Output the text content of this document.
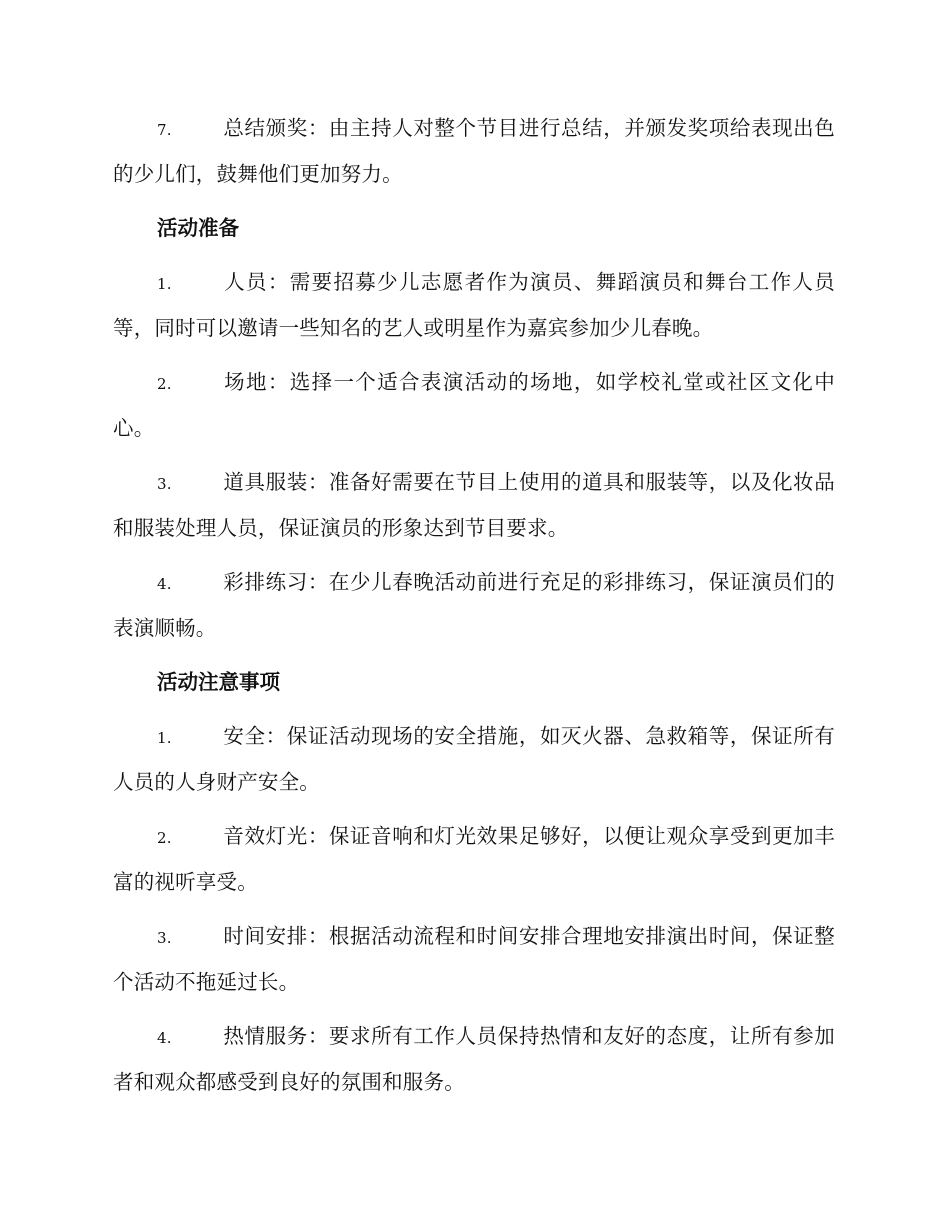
7.	总结颁奖：由主持人对整个节目进行总结，并颁发奖项给表现出色的少儿们，鼓舞他们更加努力。

活动准备

1.	人员：需要招募少儿志愿者作为演员、舞蹈演员和舞台工作人员等，同时可以邀请一些知名的艺人或明星作为嘉宾参加少儿春晚。

2.	场地：选择一个适合表演活动的场地，如学校礼堂或社区文化中心。

3.	道具服装：准备好需要在节目上使用的道具和服装等，以及化妆品和服装处理人员，保证演员的形象达到节目要求。

4.	彩排练习：在少儿春晚活动前进行充足的彩排练习，保证演员们的表演顺畅。

活动注意事项

1.	安全：保证活动现场的安全措施，如灭火器、急救箱等，保证所有人员的人身财产安全。

2.	音效灯光：保证音响和灯光效果足够好，以便让观众享受到更加丰富的视听享受。

3.	时间安排：根据活动流程和时间安排合理地安排演出时间，保证整个活动不拖延过长。

4.	热情服务：要求所有工作人员保持热情和友好的态度，让所有参加者和观众都感受到良好的氛围和服务。
